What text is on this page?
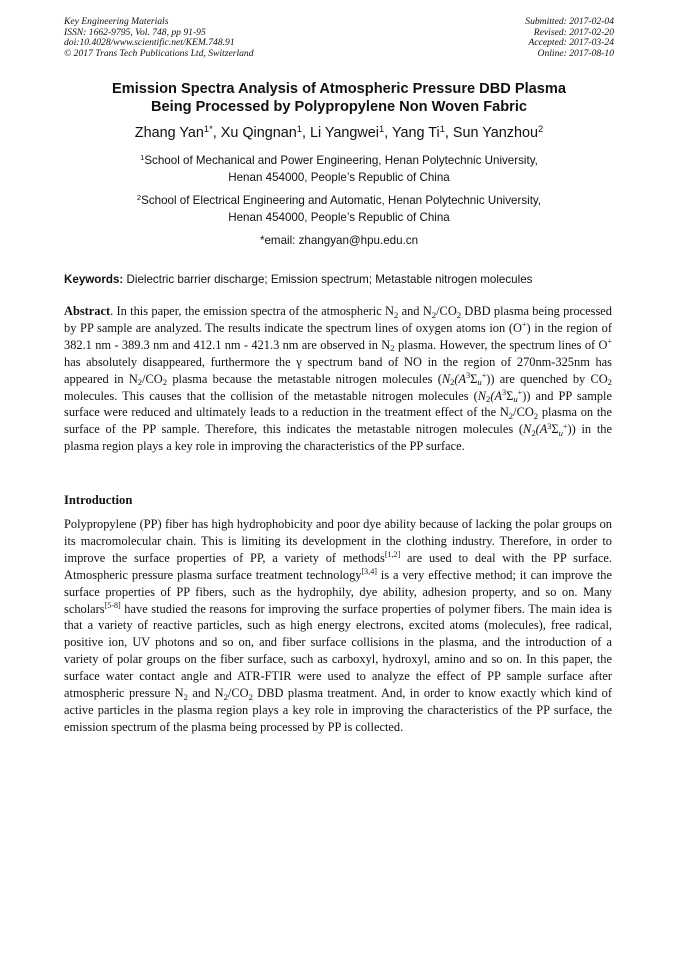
Key Engineering Materials
ISSN: 1662-9795, Vol. 748, pp 91-95
doi:10.4028/www.scientific.net/KEM.748.91
© 2017 Trans Tech Publications Ltd, Switzerland
Submitted: 2017-02-04
Revised: 2017-02-20
Accepted: 2017-03-24
Online: 2017-08-10
Emission Spectra Analysis of Atmospheric Pressure DBD Plasma
Being Processed by Polypropylene Non Woven Fabric
Zhang Yan$^{1*}$, Xu Qingnan$^1$, Li Yangwei$^1$, Yang Ti$^1$, Sun Yanzhou$^2$
$^1$School of Mechanical and Power Engineering, Henan Polytechnic University,
Henan 454000, People’s Republic of China
$^2$School of Electrical Engineering and Automatic, Henan Polytechnic University,
Henan 454000, People’s Republic of China
*email: zhangyan@hpu.edu.cn
Keywords: Dielectric barrier discharge; Emission spectrum; Metastable nitrogen molecules
Abstract. In this paper, the emission spectra of the atmospheric $N_2$ and $N_2/CO_2$ DBD plasma being processed by PP sample are analyzed. The results indicate the spectrum lines of oxygen atoms ion (O+) in the region of 382.1 nm - 389.3 nm and 412.1 nm - 421.3 nm are observed in $N_2$ plasma. However, the spectrum lines of O+ has absolutely disappeared, furthermore the γ spectrum band of NO in the region of 270nm-325nm has appeared in $N_2/CO_2$ plasma because the metastable nitrogen molecules $(N_2(A^3\Sigma_u^+))$ are quenched by $CO_2$ molecules. This causes that the collision of the metastable nitrogen molecules $(N_2(A^3\Sigma_u^+))$ and PP sample surface were reduced and ultimately leads to a reduction in the treatment effect of the $N_2/CO_2$ plasma on the surface of the PP sample. Therefore, this indicates the metastable nitrogen molecules $(N_2(A^3\Sigma_u^+))$ in the plasma region plays a key role in improving the characteristics of the PP surface.
Introduction
Polypropylene (PP) fiber has high hydrophobicity and poor dye ability because of lacking the polar groups on its macromolecular chain. This is limiting its development in the clothing industry. Therefore, in order to improve the surface properties of PP, a variety of methods[1,2] are used to deal with the PP surface. Atmospheric pressure plasma surface treatment technology[3,4] is a very effective method; it can improve the surface properties of PP fibers, such as the hydrophily, dye ability, adhesion property, and so on. Many scholars[5-8] have studied the reasons for improving the surface properties of polymer fibers. The main idea is that a variety of reactive particles, such as high energy electrons, excited atoms (molecules), free radical, positive ion, UV photons and so on, and fiber surface collisions in the plasma, and the introduction of a variety of polar groups on the fiber surface, such as carboxyl, hydroxyl, amino and so on. In this paper, the surface water contact angle and ATR-FTIR were used to analyze the effect of PP sample surface after atmospheric pressure $N_2$ and $N_2/CO_2$ DBD plasma treatment. And, in order to know exactly which kind of active particles in the plasma region plays a key role in improving the characteristics of the PP surface, the emission spectrum of the plasma being processed by PP is collected.
